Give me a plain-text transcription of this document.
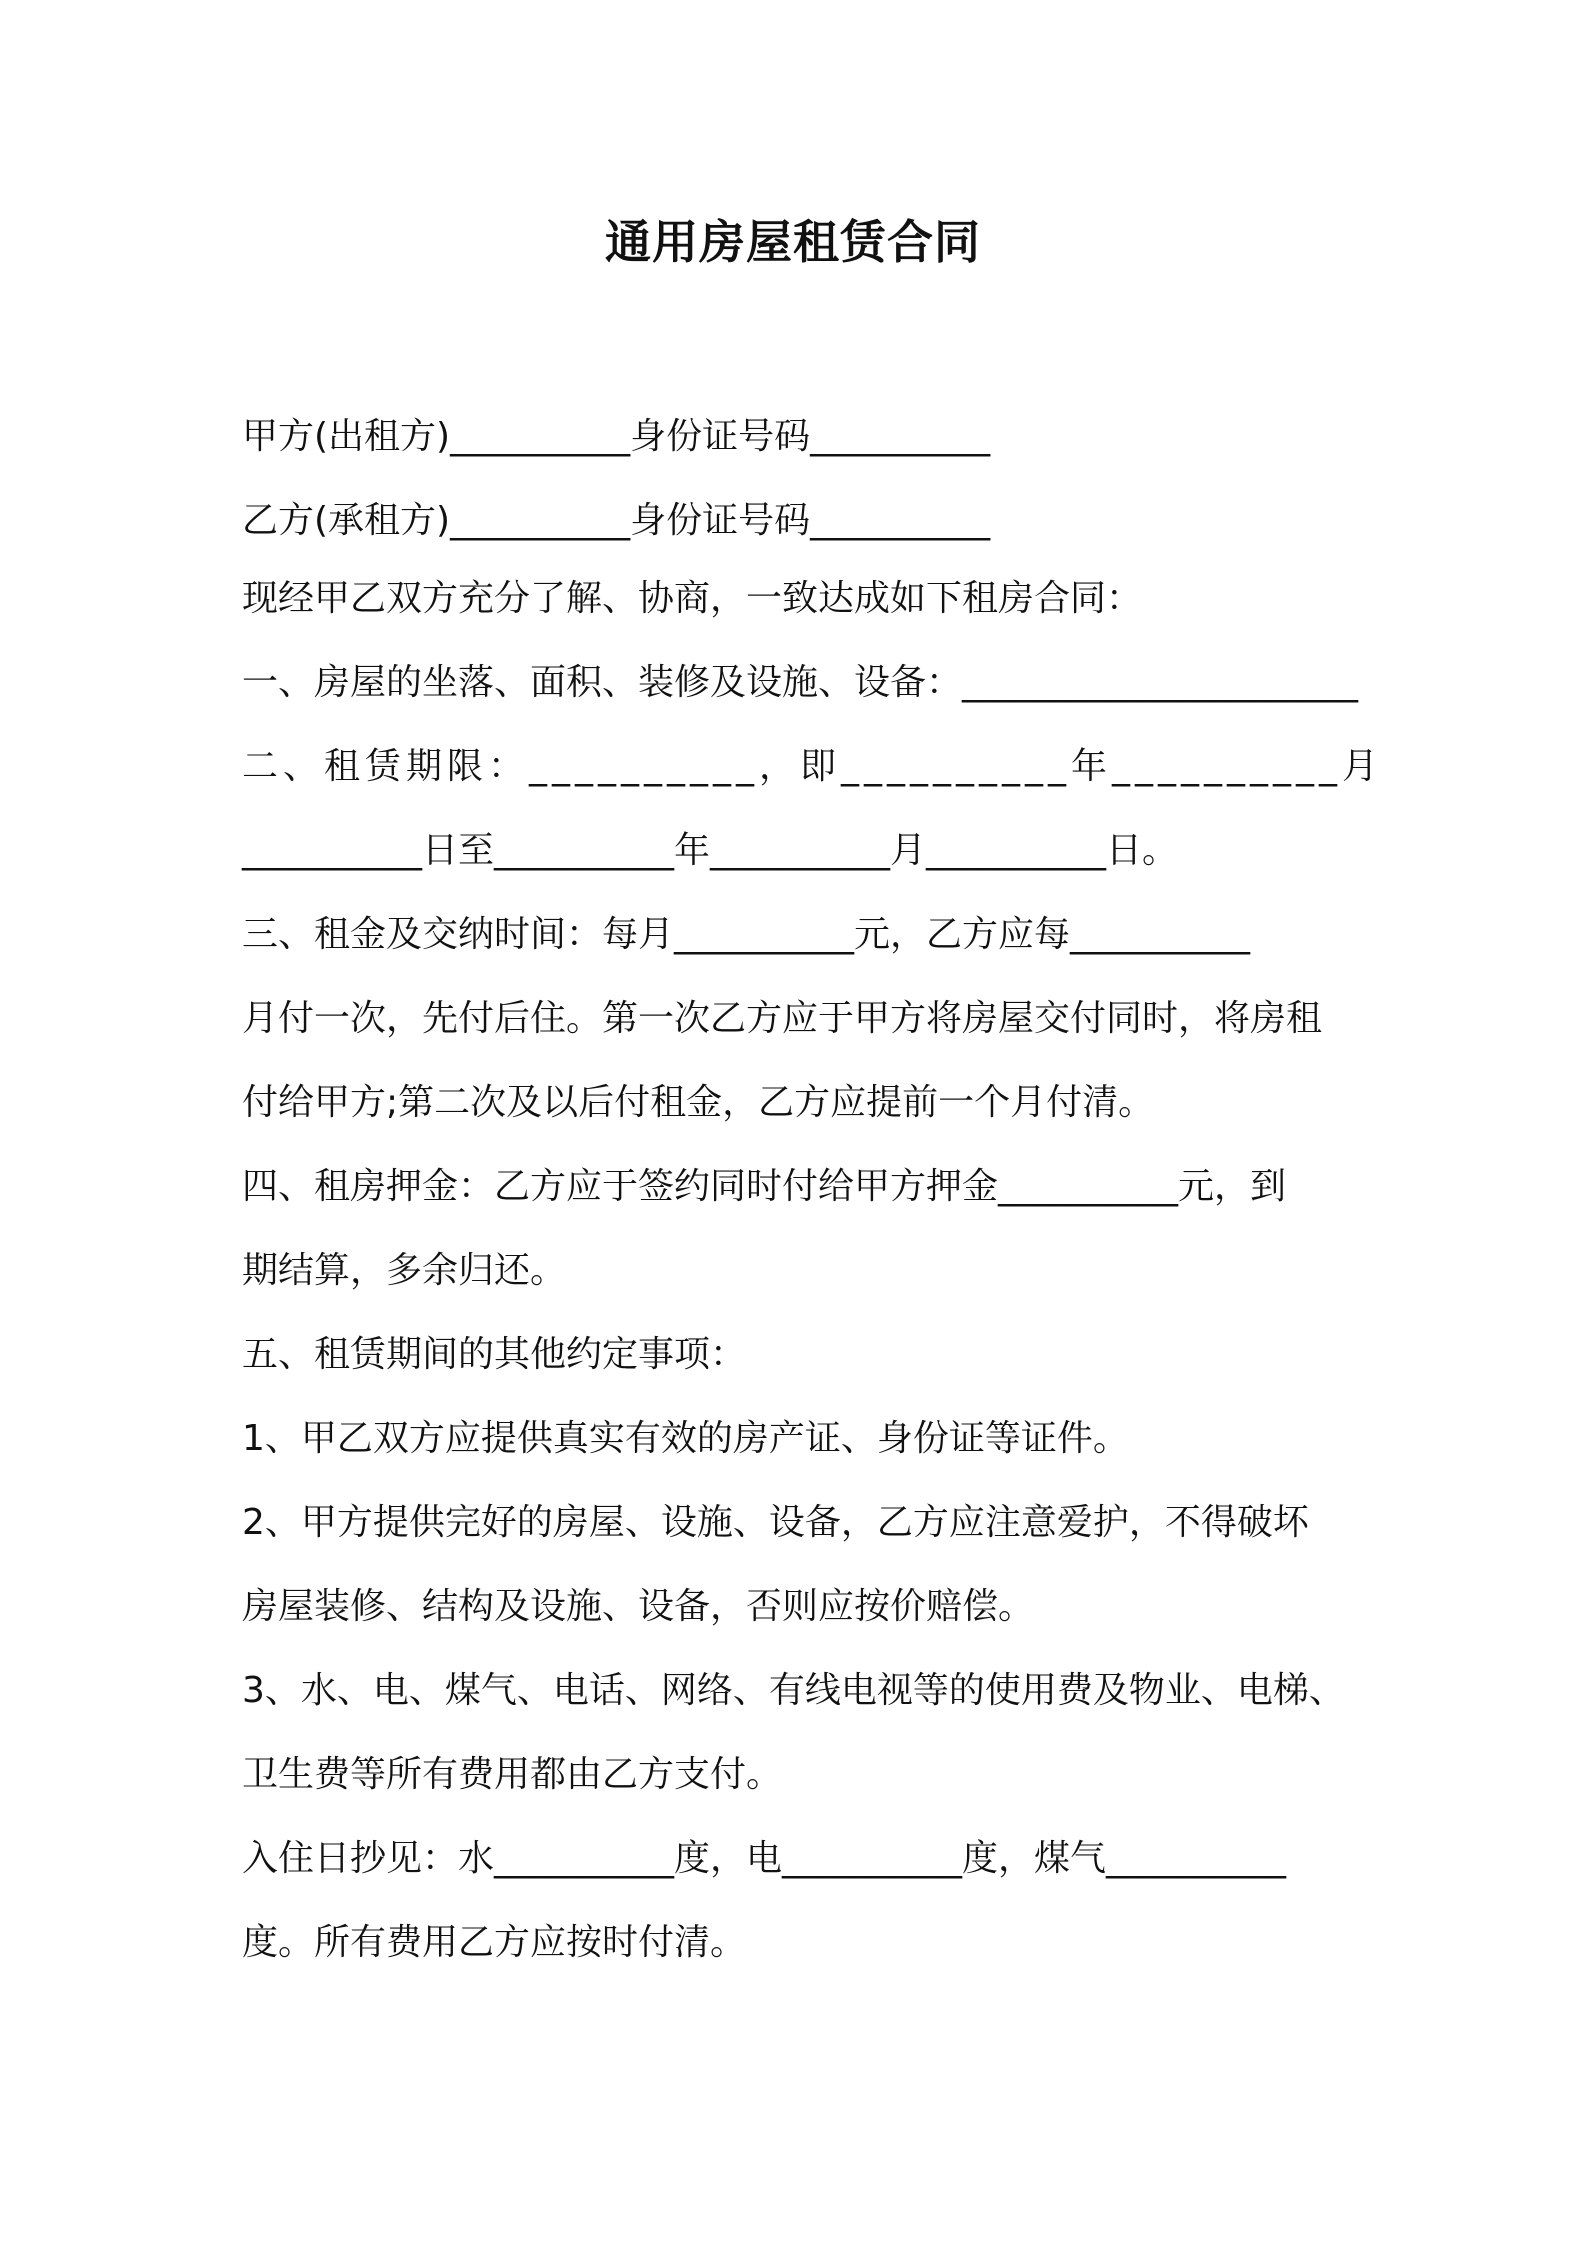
通用房屋租赁合同
甲方(出租方)__________身份证号码__________
乙方(承租方)__________身份证号码__________
现经甲乙双方充分了解、协商，一致达成如下租房合同：
一、房屋的坐落、面积、装修及设施、设备：______________________
二、租赁期限：__________，即__________年__________月
__________日至__________年__________月__________日。
三、租金及交纳时间：每月__________元，乙方应每__________
月付一次，先付后住。第一次乙方应于甲方将房屋交付同时，将房租
付给甲方;第二次及以后付租金，乙方应提前一个月付清。
四、租房押金：乙方应于签约同时付给甲方押金__________元，到
期结算，多余归还。
五、租赁期间的其他约定事项：
1、甲乙双方应提供真实有效的房产证、身份证等证件。
2、甲方提供完好的房屋、设施、设备，乙方应注意爱护，不得破坏
房屋装修、结构及设施、设备，否则应按价赔偿。
3、水、电、煤气、电话、网络、有线电视等的使用费及物业、电梯、
卫生费等所有费用都由乙方支付。
入住日抄见：水__________度，电__________度，煤气__________
度。所有费用乙方应按时付清。
